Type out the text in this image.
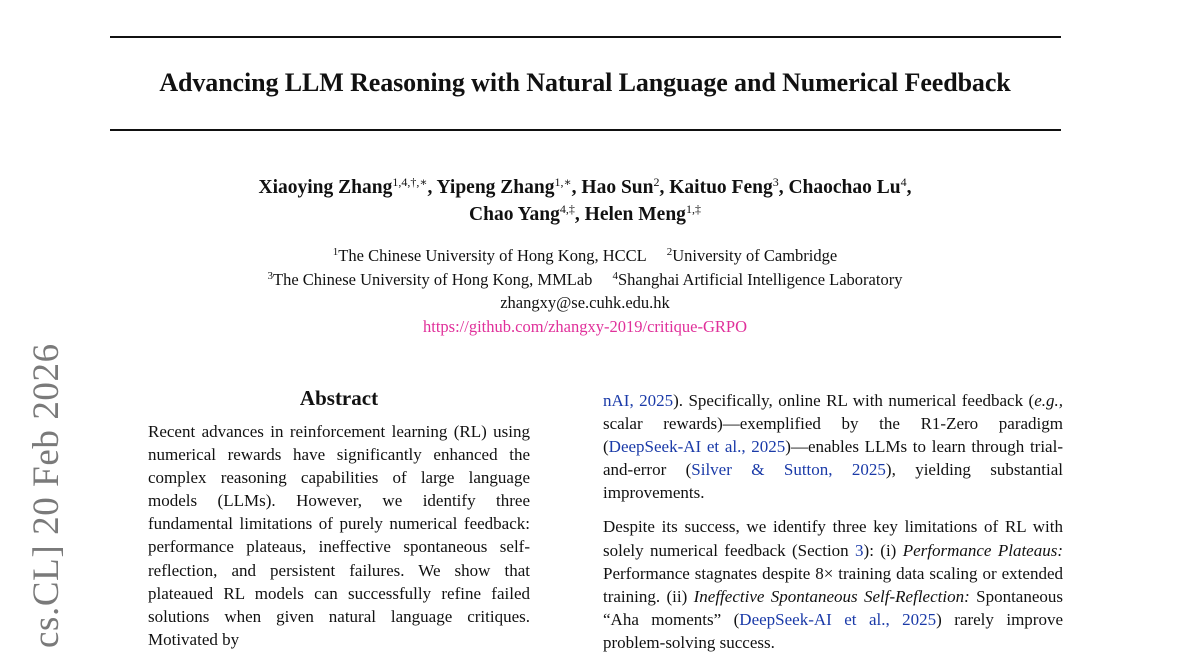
Advancing LLM Reasoning with Natural Language and Numerical Feedback
Xiaoying Zhang$^{1,4,\dagger,∗}$, Yipeng Zhang$^{1,∗}$, Hao Sun$^2$, Kaituo Feng$^3$, Chaochao Lu$^4$,
Chao Yang$^{4,\ddagger}$, Helen Meng$^{1,\ddagger}$
$^1$The Chinese University of Hong Kong, HCCL $^2$University of Cambridge
$^3$The Chinese University of Hong Kong, MMLab $^4$Shanghai Artificial Intelligence Laboratory
zhangxy@se.cuhk.edu.hk
https://github.com/zhangxy-2019/critique-GRPO
cs.CL] 20 Feb 2026	Abstract

Recent advances in reinforcement learning (RL) using numerical rewards have significantly enhanced the complex reasoning capabilities of large language models (LLMs). However, we identify three fundamental limitations of purely numerical feedback: performance plateaus, ineffective spontaneous self-reflection, and persistent failures. We show that plateaued RL models can successfully refine failed solutions when given natural language critiques. Motivated by

nAI, 2025). Specifically, online RL with numerical feedback (e.g., scalar rewards)—exemplified by the R1-Zero paradigm (DeepSeek-AI et al., 2025)—enables LLMs to learn through trial-and-error (Silver & Sutton, 2025), yielding substantial improvements.

Despite its success, we identify three key limitations of RL with solely numerical feedback (Section 3): (i) Performance Plateaus: Performance stagnates despite 8× training data scaling or extended training. (ii) Ineffective Spontaneous Self-Reflection: Spontaneous “Aha moments” (DeepSeek-AI et al., 2025) rarely improve problem-solving success.
